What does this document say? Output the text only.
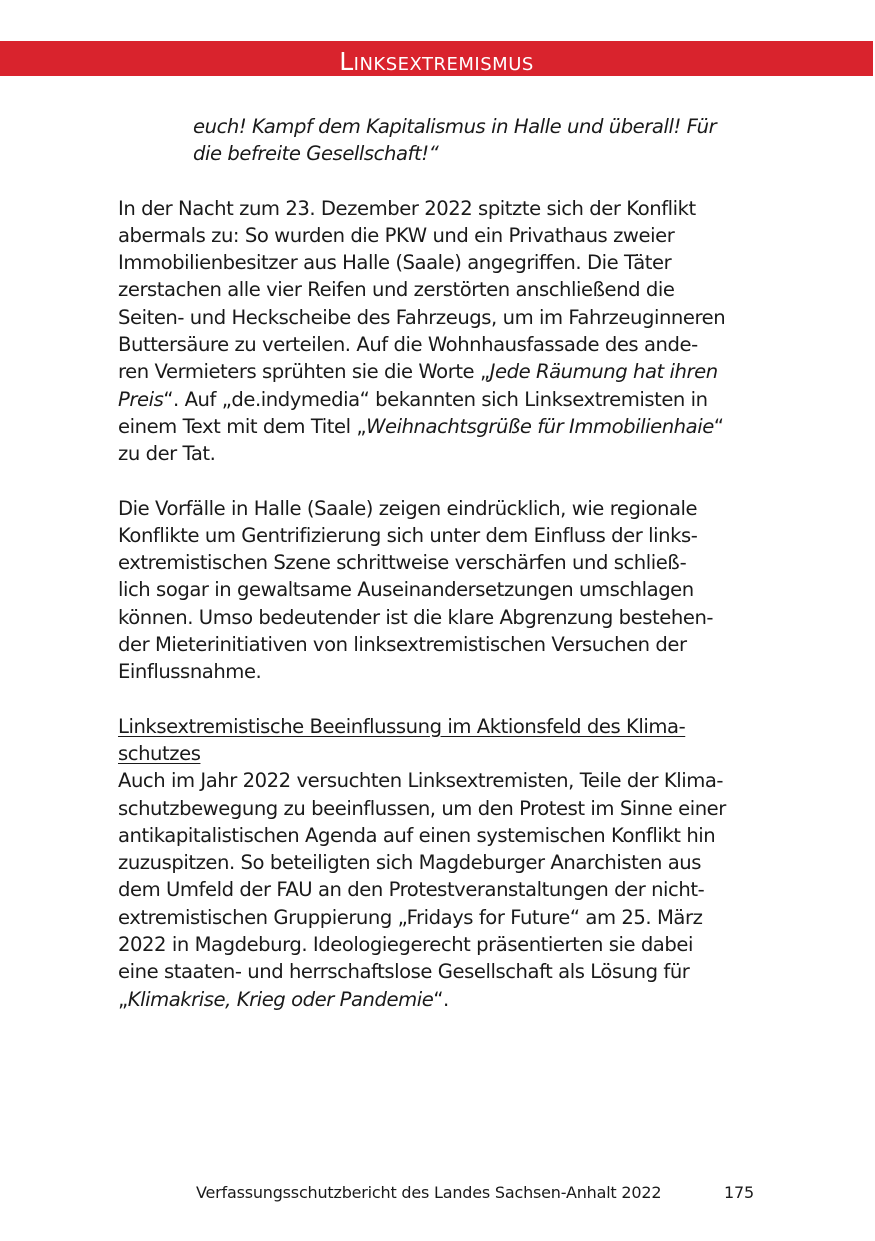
Linksextremismus

euch! Kampf dem Kapitalismus in Halle und überall! Für

die befreite Gesellschaft!“

In der Nacht zum 23. Dezember 2022 spitzte sich der Konflikt

abermals zu: So wurden die PKW und ein Privathaus zweier

Immobilienbesitzer aus Halle (Saale) angegriffen. Die Täter

zerstachen alle vier Reifen und zerstörten anschließend die

Seiten- und Heckscheibe des Fahrzeugs, um im Fahrzeuginneren

Buttersäure zu verteilen. Auf die Wohnhausfassade des ande-

ren Vermieters sprühten sie die Worte „Jede Räumung hat ihren

Preis“. Auf „de.indymedia“ bekannten sich Linksextremisten in

einem Text mit dem Titel „Weihnachtsgrüße für Immobilienhaie“

zu der Tat.

Die Vorfälle in Halle (Saale) zeigen eindrücklich, wie regionale

Konflikte um Gentrifizierung sich unter dem Einfluss der links-

extremistischen Szene schrittweise verschärfen und schließ-

lich sogar in gewaltsame Auseinandersetzungen umschlagen

können. Umso bedeutender ist die klare Abgrenzung bestehen-

der Mieterinitiativen von linksextremistischen Versuchen der

Einflussnahme.

Linksextremistische Beeinflussung im Aktionsfeld des Klima-

schutzes

Auch im Jahr 2022 versuchten Linksextremisten, Teile der Klima-

schutzbewegung zu beeinflussen, um den Protest im Sinne einer

antikapitalistischen Agenda auf einen systemischen Konflikt hin

zuzuspitzen. So beteiligten sich Magdeburger Anarchisten aus

dem Umfeld der FAU an den Protestveranstaltungen der nicht-

extremistischen Gruppierung „Fridays for Future“ am 25. März

2022 in Magdeburg. Ideologiegerecht präsentierten sie dabei

eine staaten- und herrschaftslose Gesellschaft als Lösung für

„Klimakrise, Krieg oder Pandemie“.

Verfassungsschutzbericht des Landes Sachsen-Anhalt 2022	175
